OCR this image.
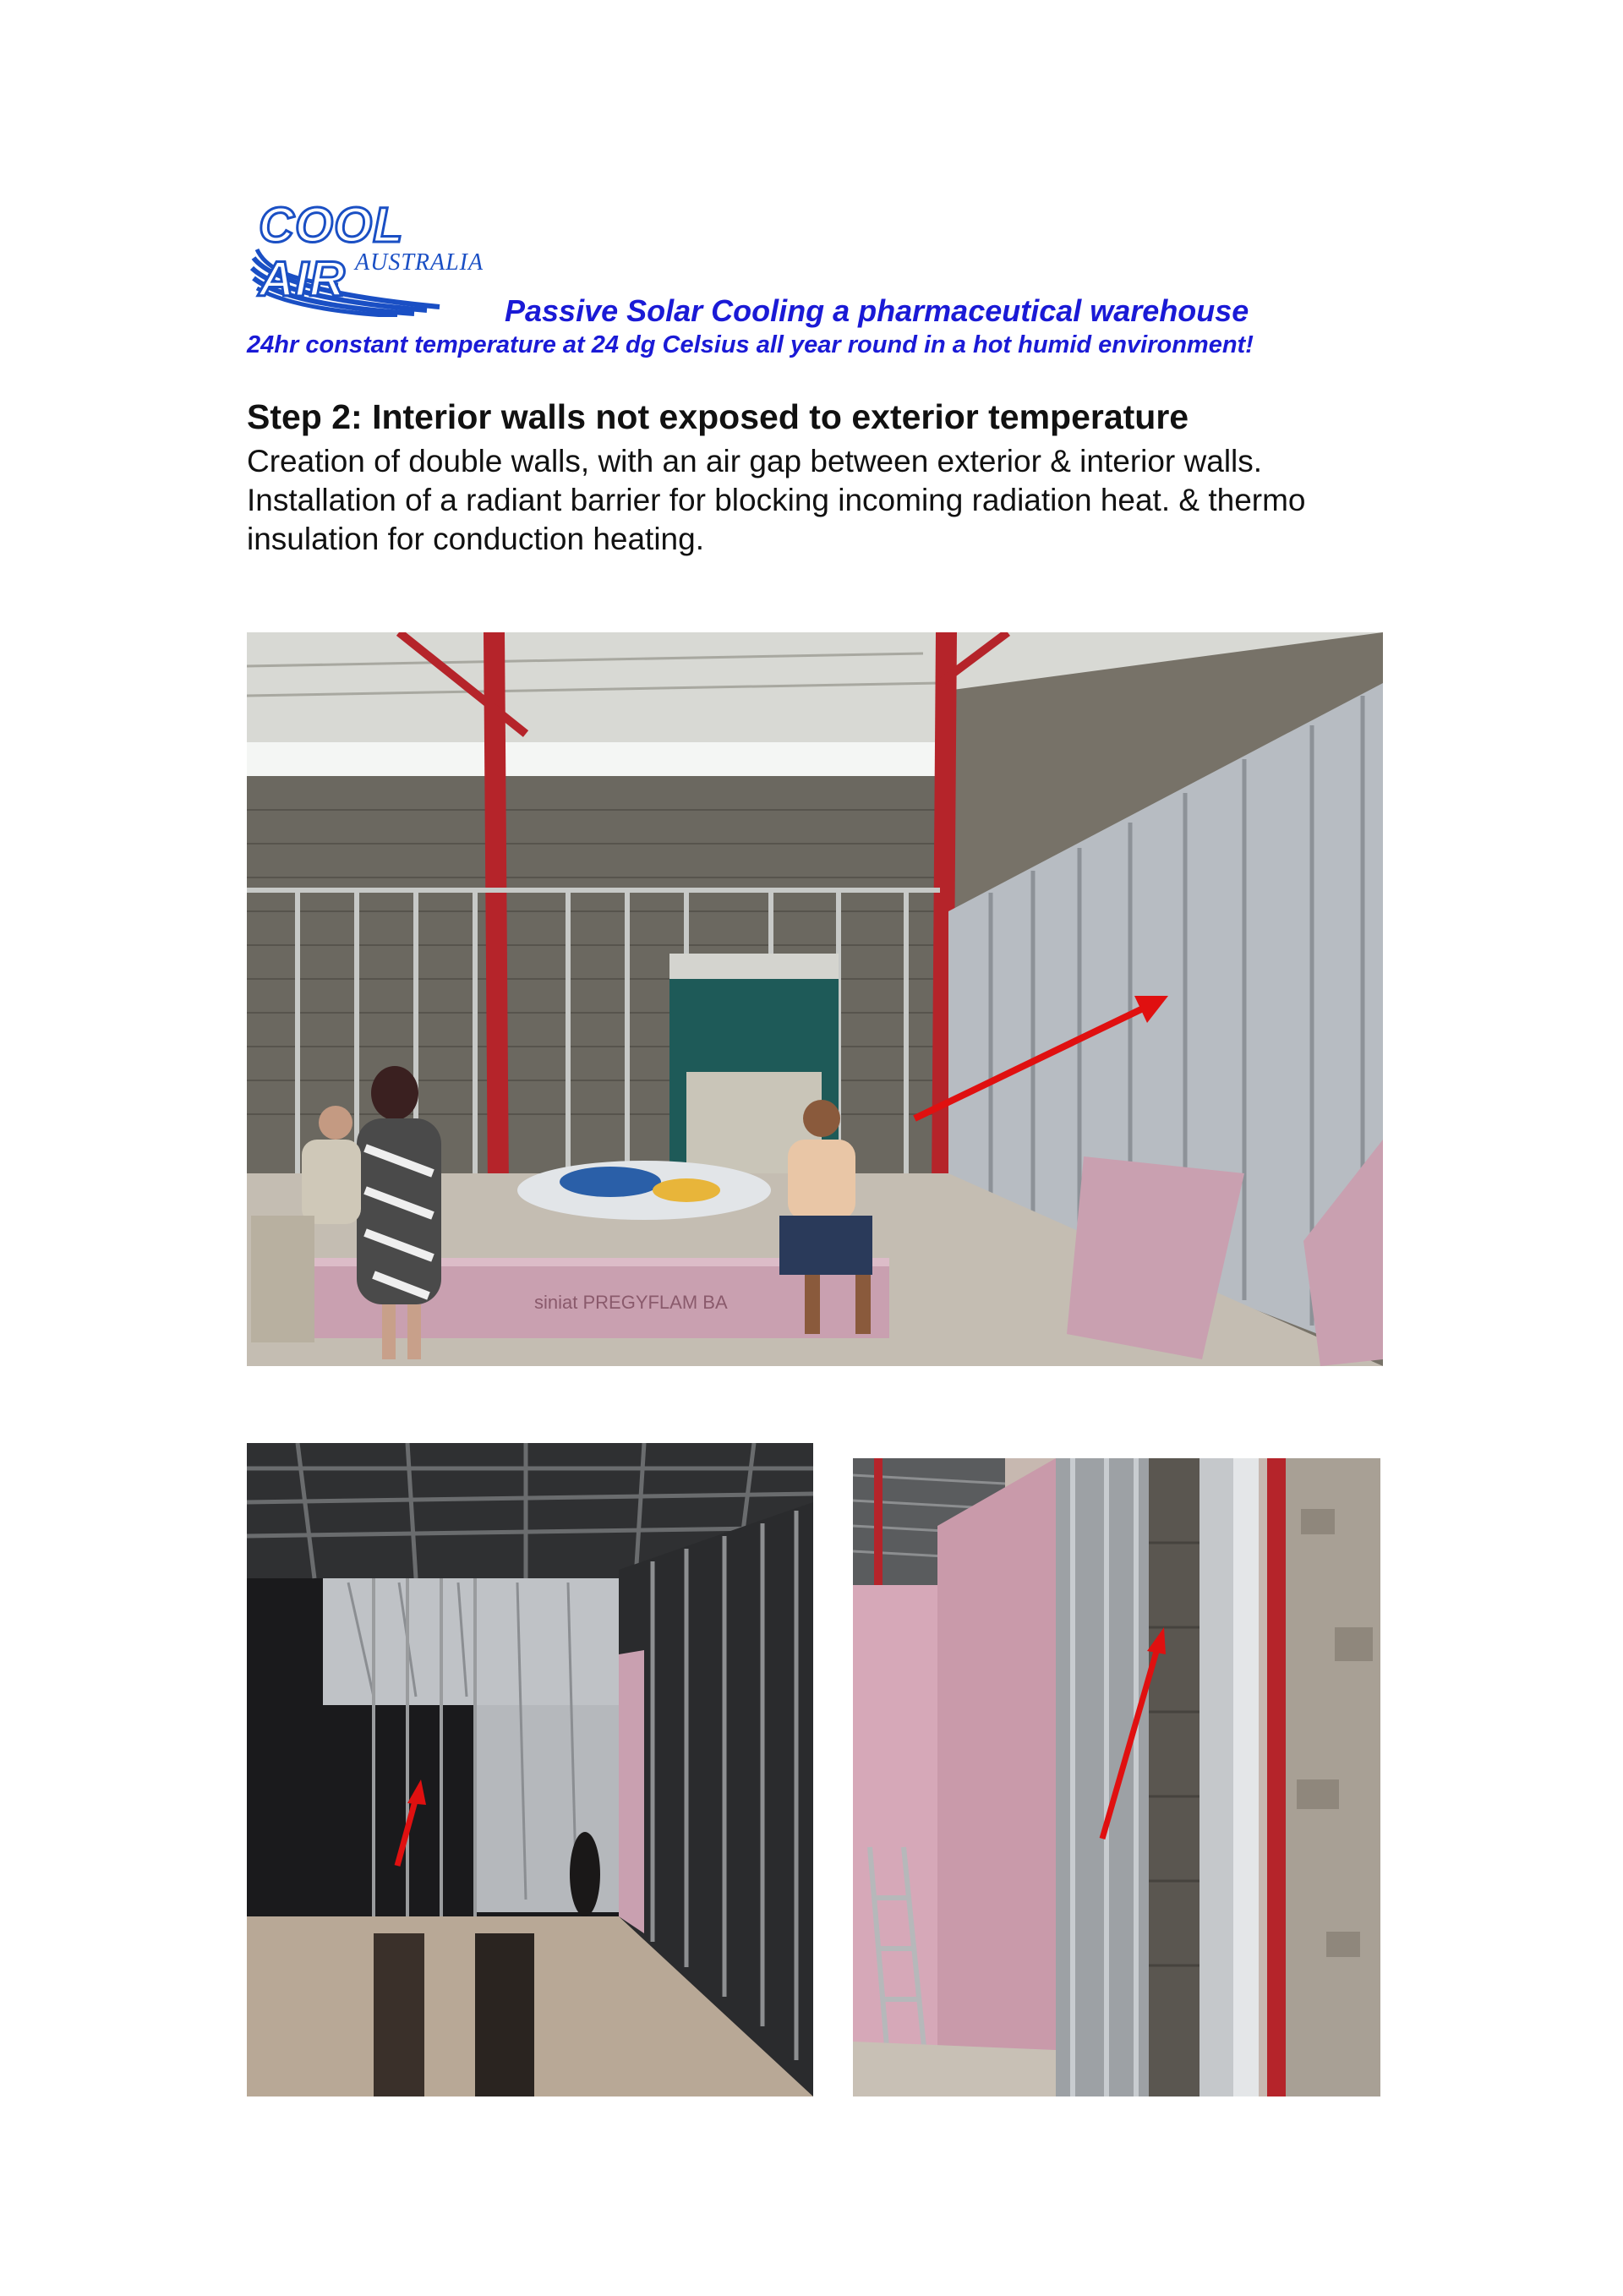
COOL AIR AUSTRALIA
Passive Solar Cooling a pharmaceutical warehouse
24hr constant temperature at 24 dg Celsius all year round in a hot humid environment!
Step 2: Interior walls not exposed to exterior temperature

Creation of double walls, with an air gap between exterior & interior walls.

Installation of a radiant barrier for blocking incoming radiation heat. & thermo insulation for conduction heating.

siniat PREGYFLAM BA
